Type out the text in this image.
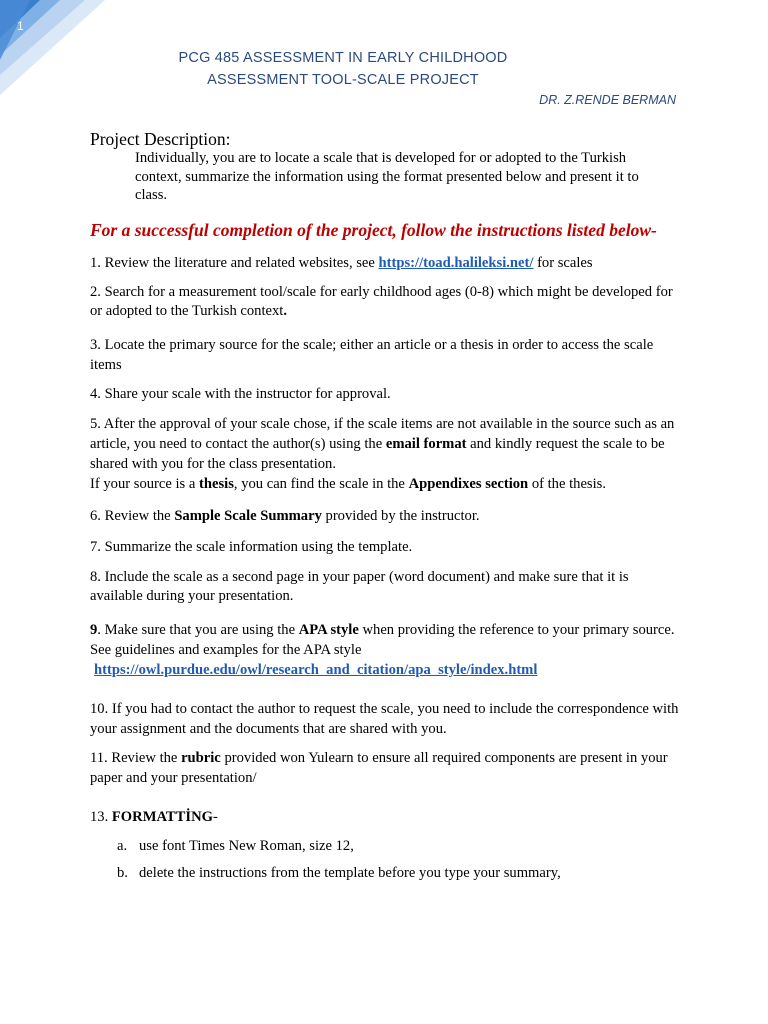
1
PCG 485 ASSESSMENT IN EARLY CHILDHOOD
ASSESSMENT TOOL-SCALE PROJECT
DR. Z.RENDE BERMAN
Project Description:
Individually, you are to locate a scale that is developed for or adopted to the Turkish context, summarize the information using the format presented below and present it to class.
For a successful completion of the project, follow the instructions listed below-
1. Review the literature and related websites, see https://toad.halileksi.net/ for scales
2. Search for a measurement tool/scale for early childhood ages (0-8) which might be developed for or adopted to the Turkish context.
3. Locate the primary source for the scale; either an article or a thesis in order to access the scale items
4. Share your scale with the instructor for approval.
5. After the approval of your scale chose, if the scale items are not available in the source such as an article, you need to contact the author(s) using the email format and kindly request the scale to be shared with you for the class presentation.
If your source is a thesis, you can find the scale in the Appendixes section of the thesis.
6. Review the Sample Scale Summary provided by the instructor.
7. Summarize the scale information using the template.
8. Include the scale as a second page in your paper (word document) and make sure that it is available during your presentation.
9. Make sure that you are using the APA style when providing the reference to your primary source. See guidelines and examples for the APA style
https://owl.purdue.edu/owl/research_and_citation/apa_style/index.html
10. If you had to contact the author to request the scale, you need to include the correspondence with your assignment and the documents that are shared with you.
11. Review the rubric provided won Yulearn to ensure all required components are present in your paper and your presentation/
13. FORMATTİNG-
a. use font Times New Roman, size 12,
b. delete the instructions from the template before you type your summary,
